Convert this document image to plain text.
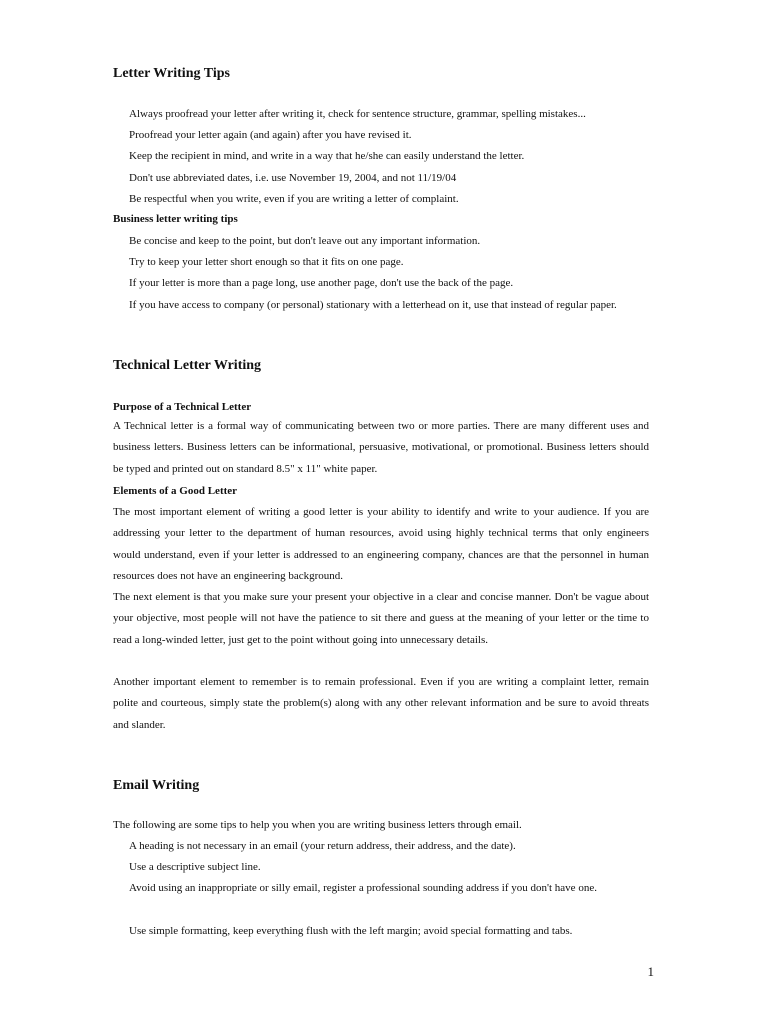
Letter Writing Tips
Always proofread your letter after writing it, check for sentence structure, grammar, spelling mistakes...
Proofread your letter again (and again) after you have revised it.
Keep the recipient in mind, and write in a way that he/she can easily understand the letter.
Don't use abbreviated dates, i.e. use November 19, 2004, and not 11/19/04
Be respectful when you write, even if you are writing a letter of complaint.
Business letter writing tips
Be concise and keep to the point, but don't leave out any important information.
Try to keep your letter short enough so that it fits on one page.
If your letter is more than a page long, use another page, don't use the back of the page.
If you have access to company (or personal) stationary with a letterhead on it, use that instead of regular paper.
Technical Letter Writing
Purpose of a Technical Letter
A Technical letter is a formal way of communicating between two or more parties. There are many different uses and business letters. Business letters can be informational, persuasive, motivational, or promotional. Business letters should be typed and printed out on standard 8.5" x 11" white paper.
Elements of a Good Letter
The most important element of writing a good letter is your ability to identify and write to your audience. If you are addressing your letter to the department of human resources, avoid using highly technical terms that only engineers would understand, even if your letter is addressed to an engineering company, chances are that the personnel in human resources does not have an engineering background.
The next element is that you make sure your present your objective in a clear and concise manner. Don't be vague about your objective, most people will not have the patience to sit there and guess at the meaning of your letter or the time to read a long-winded letter, just get to the point without going into unnecessary details.
Another important element to remember is to remain professional. Even if you are writing a complaint letter, remain polite and courteous, simply state the problem(s) along with any other relevant information and be sure to avoid threats and slander.
Email Writing
The following are some tips to help you when you are writing business letters through email.
A heading is not necessary in an email (your return address, their address, and the date).
Use a descriptive subject line.
Avoid using an inappropriate or silly email, register a professional sounding address if you don't have one.
Use simple formatting, keep everything flush with the left margin; avoid special formatting and tabs.
1
